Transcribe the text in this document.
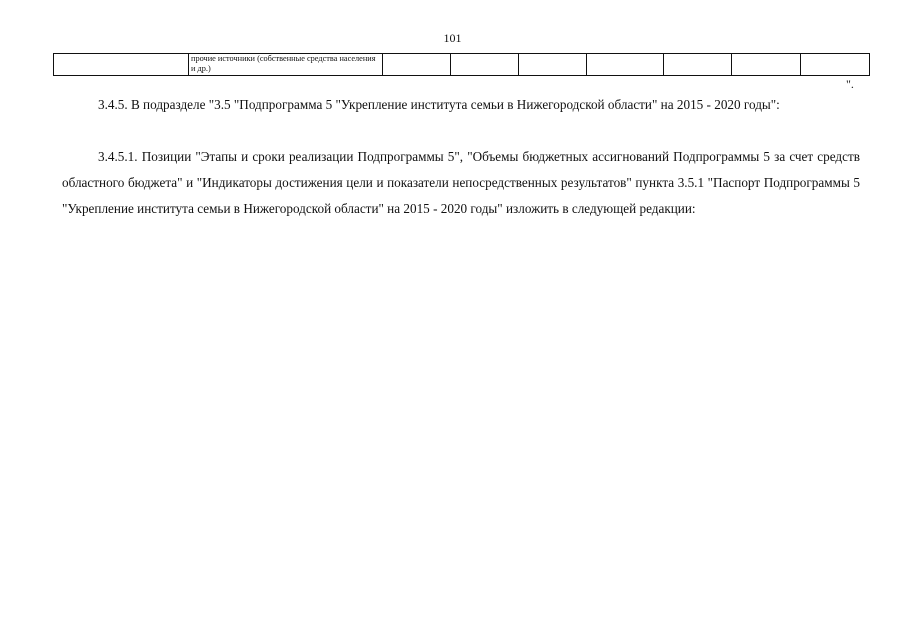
101
	прочие источники (собственные средства населения и др.)							
".

3.4.5. В подразделе "3.5 "Подпрограмма 5 "Укрепление института семьи в Нижегородской области" на 2015 - 2020 годы":

3.4.5.1. Позиции "Этапы и сроки реализации Подпрограммы 5", "Объемы бюджетных ассигнований Подпрограммы 5 за счет средств областного бюджета" и "Индикаторы достижения цели и показатели непосредственных результатов" пункта 3.5.1 "Паспорт Подпрограммы 5 "Укрепление института семьи в Нижегородской области" на 2015 - 2020 годы" изложить в следующей редакции:
